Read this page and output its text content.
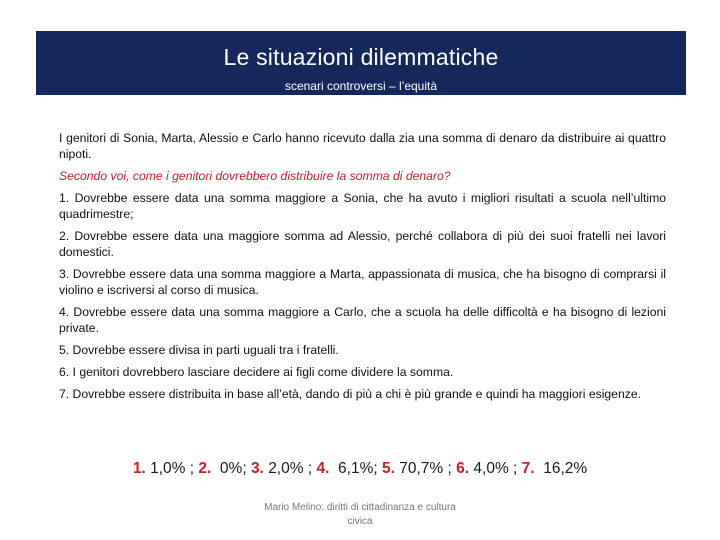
Le situazioni dilemmatiche
scenari controversi – l’equità

I genitori di Sonia, Marta, Alessio e Carlo hanno ricevuto dalla zia una somma di denaro da distribuire ai quattro nipoti.

Secondo voi, come i genitori dovrebbero distribuire la somma di denaro?

1. Dovrebbe essere data una somma maggiore a Sonia, che ha avuto i migliori risultati a scuola nell’ultimo quadrimestre;

2. Dovrebbe essere data una maggiore somma ad Alessio, perché collabora di più dei suoi fratelli nei lavori domestici.

3. Dovrebbe essere data una somma maggiore a Marta, appassionata di musica, che ha bisogno di comprarsi il violino e iscriversi al corso di musica.

4. Dovrebbe essere data una somma maggiore a Carlo, che a scuola ha delle difficoltà e ha bisogno di lezioni private.

5. Dovrebbe essere divisa in parti uguali tra i fratelli.

6. I genitori dovrebbero lasciare decidere ai figli come dividere la somma.

7. Dovrebbe essere distribuita in base all’età, dando di più a chi è più grande e quindi ha maggiori esigenze.

1. 1,0% ; 2. 0%; 3. 2,0% ; 4. 6,1%; 5. 70,7% ; 6. 4,0% ; 7. 16,2%
Mario Melino: diritti di cittadinanza e cultura civica
